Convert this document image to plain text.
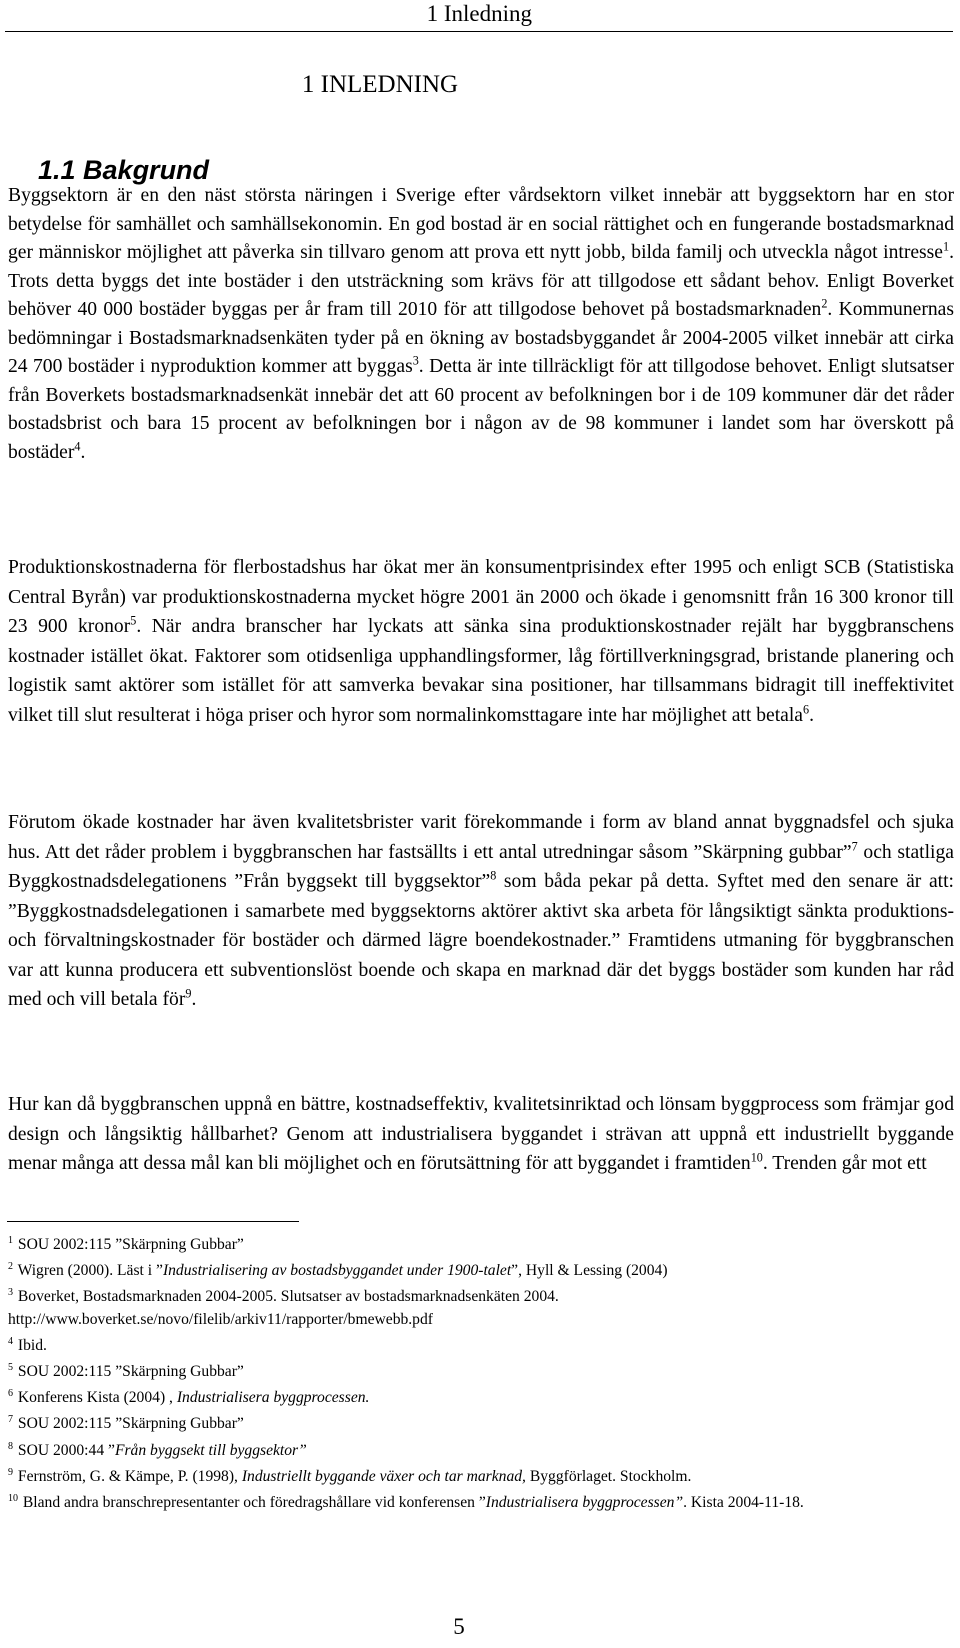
1 Inledning
1 INLEDNING
1.1 Bakgrund

Byggsektorn är en den näst största näringen i Sverige efter vårdsektorn vilket innebär att byggsektorn har en stor betydelse för samhället och samhällsekonomin. En god bostad är en social rättighet och en fungerande bostadsmarknad ger människor möjlighet att påverka sin tillvaro genom att prova ett nytt jobb, bilda familj och utveckla något intresse$^1$. Trots detta byggs det inte bostäder i den utsträckning som krävs för att tillgodose ett sådant behov. Enligt Boverket behöver 40 000 bostäder byggas per år fram till 2010 för att tillgodose behovet på bostadsmarknaden$^2$. Kommunernas bedömningar i Bostadsmarknadsenkäten tyder på en ökning av bostadsbyggandet år 2004-2005 vilket innebär att cirka 24 700 bostäder i nyproduktion kommer att byggas$^3$. Detta är inte tillräckligt för att tillgodose behovet. Enligt slutsatser från Boverkets bostadsmarknadsenkät innebär det att 60 procent av befolkningen bor i de 109 kommuner där det råder bostadsbrist och bara 15 procent av befolkningen bor i någon av de 98 kommuner i landet som har överskott på bostäder$^4$.

Produktionskostnaderna för flerbostadshus har ökat mer än konsumentprisindex efter 1995 och enligt SCB (Statistiska Central Byrån) var produktionskostnaderna mycket högre 2001 än 2000 och ökade i genomsnitt från 16 300 kronor till 23 900 kronor$^5$. När andra branscher har lyckats att sänka sina produktionskostnader rejält har byggbranschens kostnader istället ökat. Faktorer som otidsenliga upphandlingsformer, låg förtillverkningsgrad, bristande planering och logistik samt aktörer som istället för att samverka bevakar sina positioner, har tillsammans bidragit till ineffektivitet vilket till slut resulterat i höga priser och hyror som normalinkomsttagare inte har möjlighet att betala$^6$.

Förutom ökade kostnader har även kvalitetsbrister varit förekommande i form av bland annat byggnadsfel och sjuka hus. Att det råder problem i byggbranschen har fastsällts i ett antal utredningar såsom ”Skärpning gubbar”$^7$ och statliga Byggkostnadsdelegationens ”Från byggsekt till byggsektor”$^8$ som båda pekar på detta. Syftet med den senare är att: ”Byggkostnadsdelegationen i samarbete med byggsektorns aktörer aktivt ska arbeta för långsiktigt sänkta produktions- och förvaltningskostnader för bostäder och därmed lägre boendekostnader.” Framtidens utmaning för byggbranschen var att kunna producera ett subventionslöst boende och skapa en marknad där det byggs bostäder som kunden har råd med och vill betala för$^9$.

Hur kan då byggbranschen uppnå en bättre, kostnadseffektiv, kvalitetsinriktad och lönsam byggprocess som främjar god design och långsiktig hållbarhet? Genom att industrialisera byggandet i strävan att uppnå ett industriellt byggande menar många att dessa mål kan bli möjlighet och en förutsättning för att byggandet i framtiden$^{10}$. Trenden går mot ett

$^1$ SOU 2002:115 ”Skärpning Gubbar”

$^2$ Wigren (2000). Läst i ”Industrialisering av bostadsbyggandet under 1900-talet”, Hyll & Lessing (2004)

$^3$ Boverket, Bostadsmarknaden 2004-2005. Slutsatser av bostadsmarknadsenkäten 2004.

http://www.boverket.se/novo/filelib/arkiv11/rapporter/bmewebb.pdf

$^4$ Ibid.

$^5$ SOU 2002:115 ”Skärpning Gubbar”

$^6$ Konferens Kista (2004) , Industrialisera byggprocessen.

$^7$ SOU 2002:115 ”Skärpning Gubbar”

$^8$ SOU 2000:44 ”Från byggsekt till byggsektor”

$^9$ Fernström, G. & Kämpe, P. (1998), Industriellt byggande växer och tar marknad, Byggförlaget. Stockholm.

$^{10}$ Bland andra branschrepresentanter och föredragshållare vid konferensen ”Industrialisera byggprocessen”. Kista 2004-11-18.

5
